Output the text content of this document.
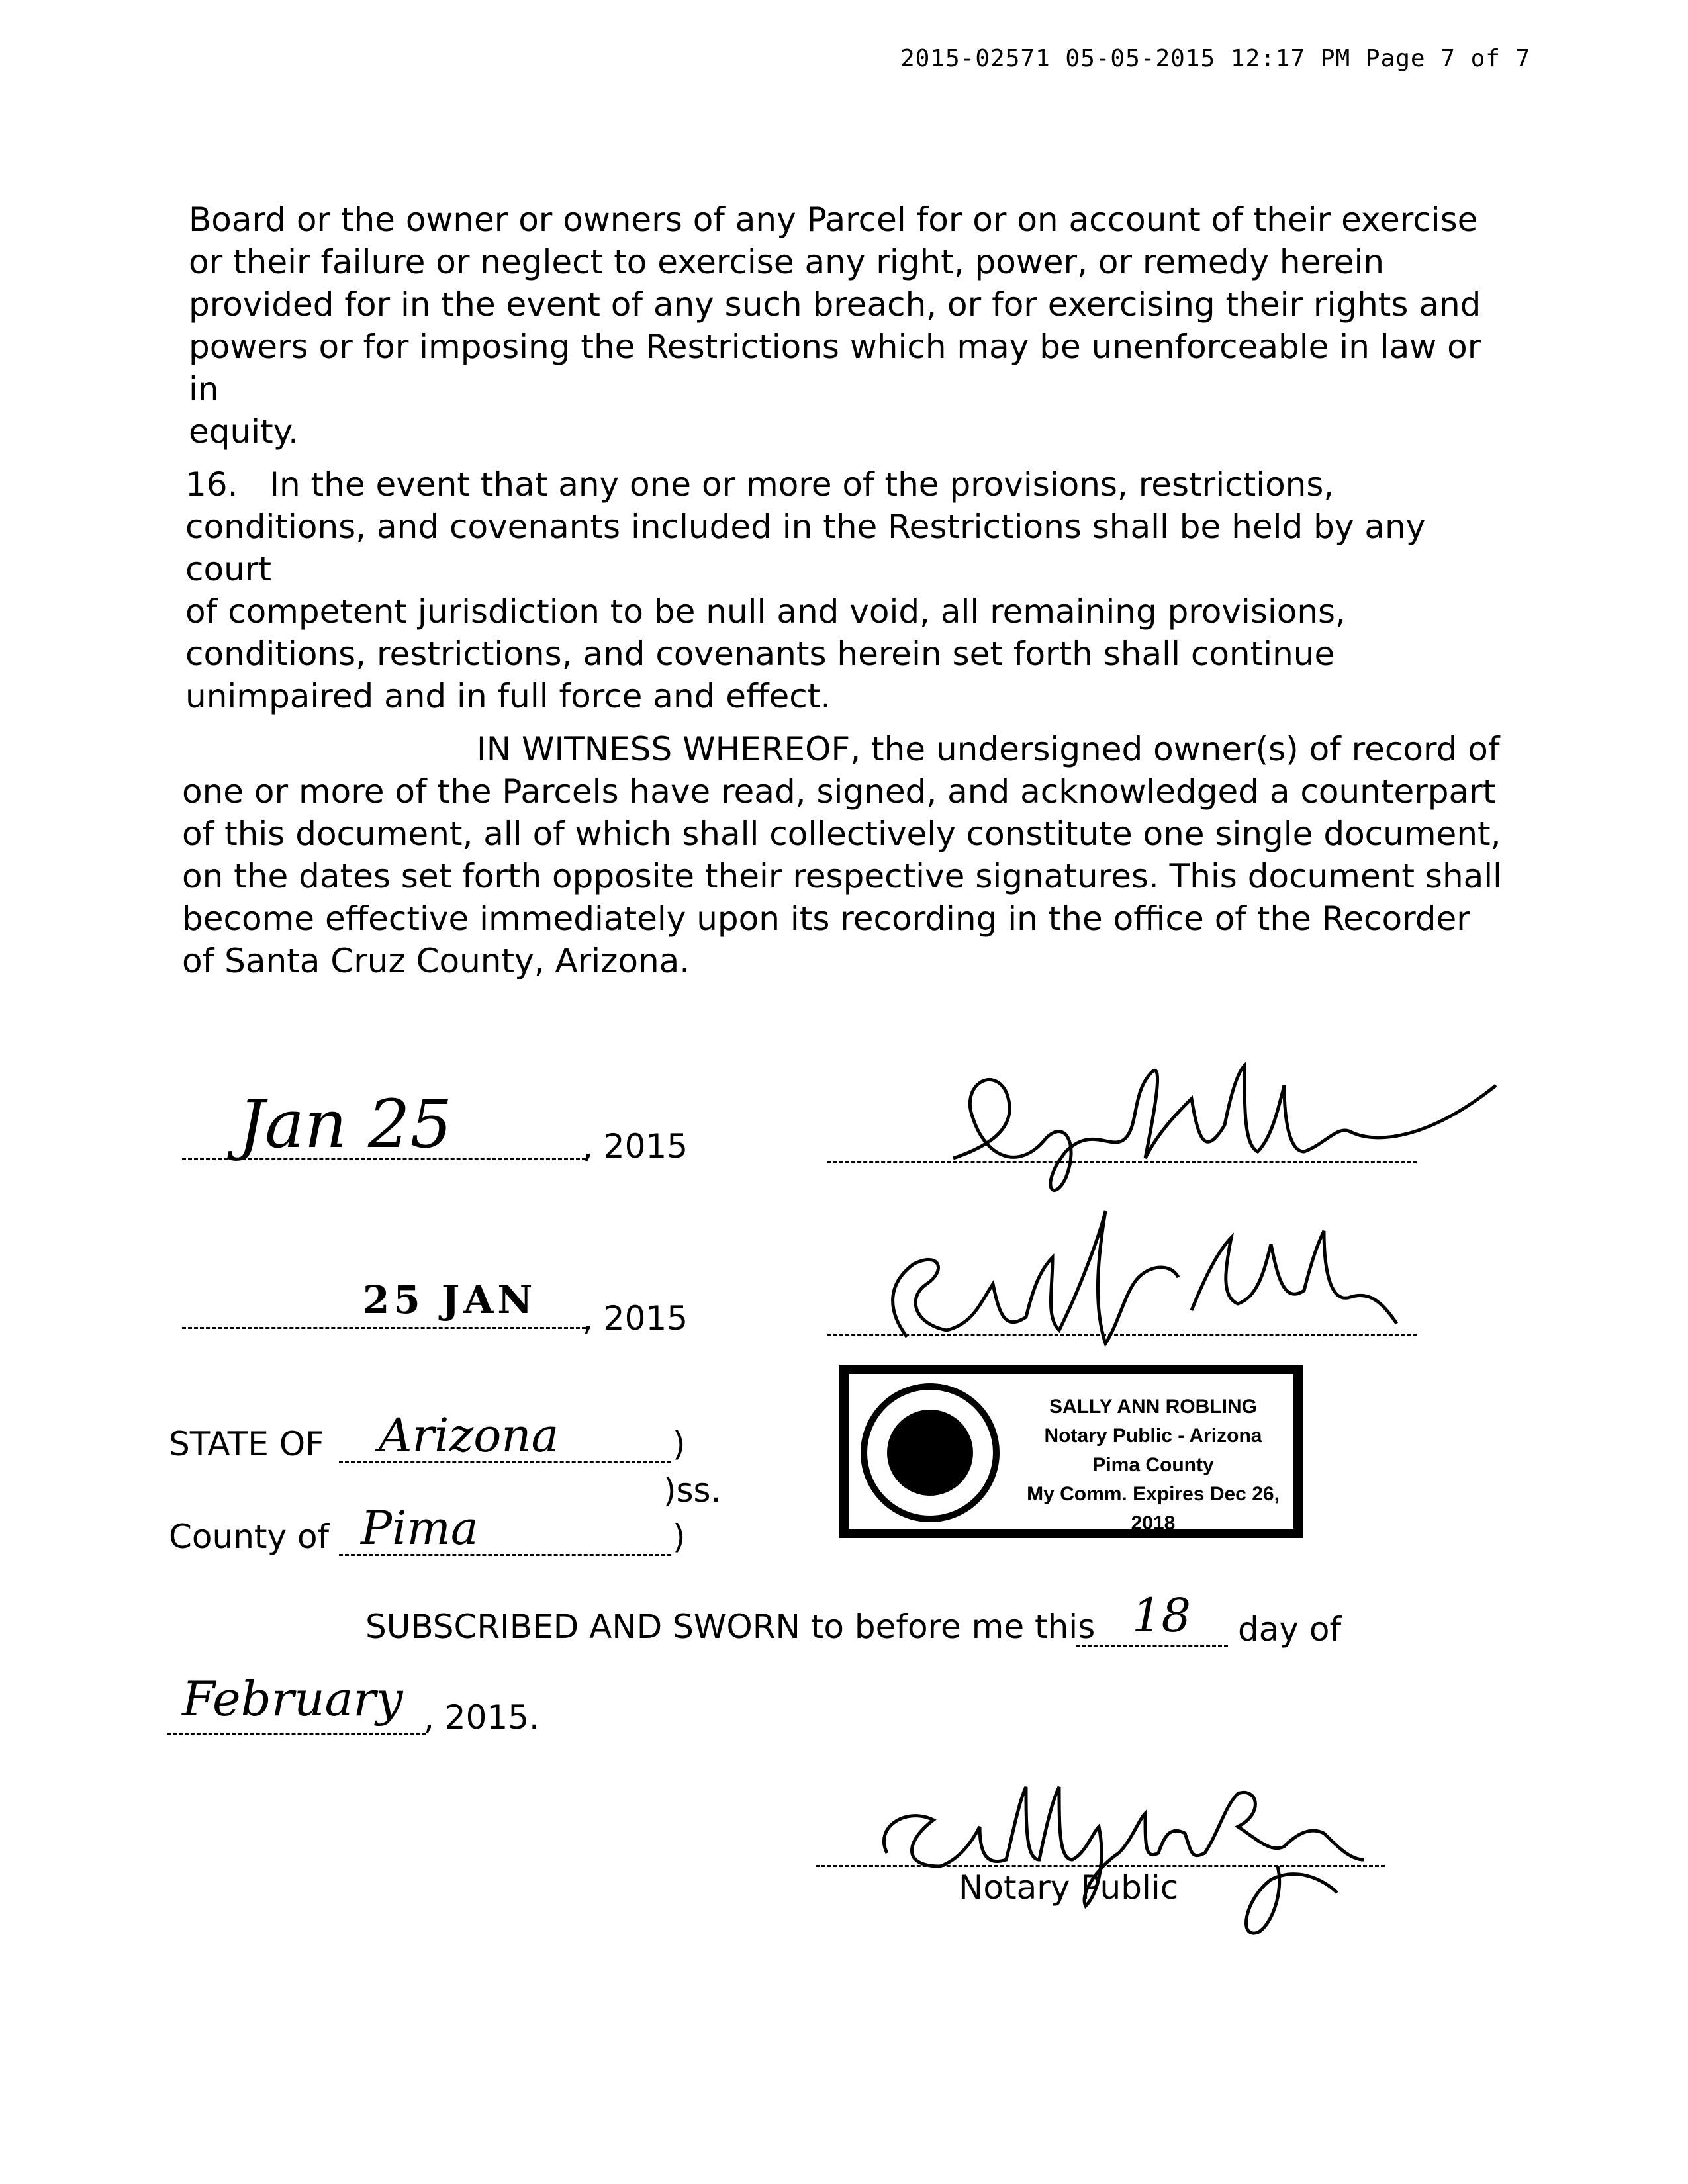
2015-02571 05-05-2015 12:17 PM Page 7 of 7

Board or the owner or owners of any Parcel for or on account of their exercise
or their failure or neglect to exercise any right, power, or remedy herein
provided for in the event of any such breach, or for exercising their rights and
powers or for imposing the Restrictions which may be unenforceable in law or in
equity.

16.   In the event that any one or more of the provisions, restrictions,
conditions, and covenants included in the Restrictions shall be held by any court
of competent jurisdiction to be null and void, all remaining provisions,
conditions, restrictions, and covenants herein set forth shall continue
unimpaired and in full force and effect.

IN WITNESS WHEREOF, the undersigned owner(s) of record of
one or more of the Parcels have read, signed, and acknowledged a counterpart
of this document, all of which shall collectively constitute one single document,
on the dates set forth opposite their respective signatures. This document shall
become effective immediately upon its recording in the office of the Recorder
of Santa Cruz County, Arizona.
Jan 25	, 2015
25 JAN , 2015
SALLY ANN ROBLING
Notary Public - Arizona
Pima County
My Comm. Expires Dec 26, 2018
STATE OF Arizona	)
)ss.
County of Pima	)
SUBSCRIBED AND SWORN to before me this 18 day of
February , 2015.
Notary Public
